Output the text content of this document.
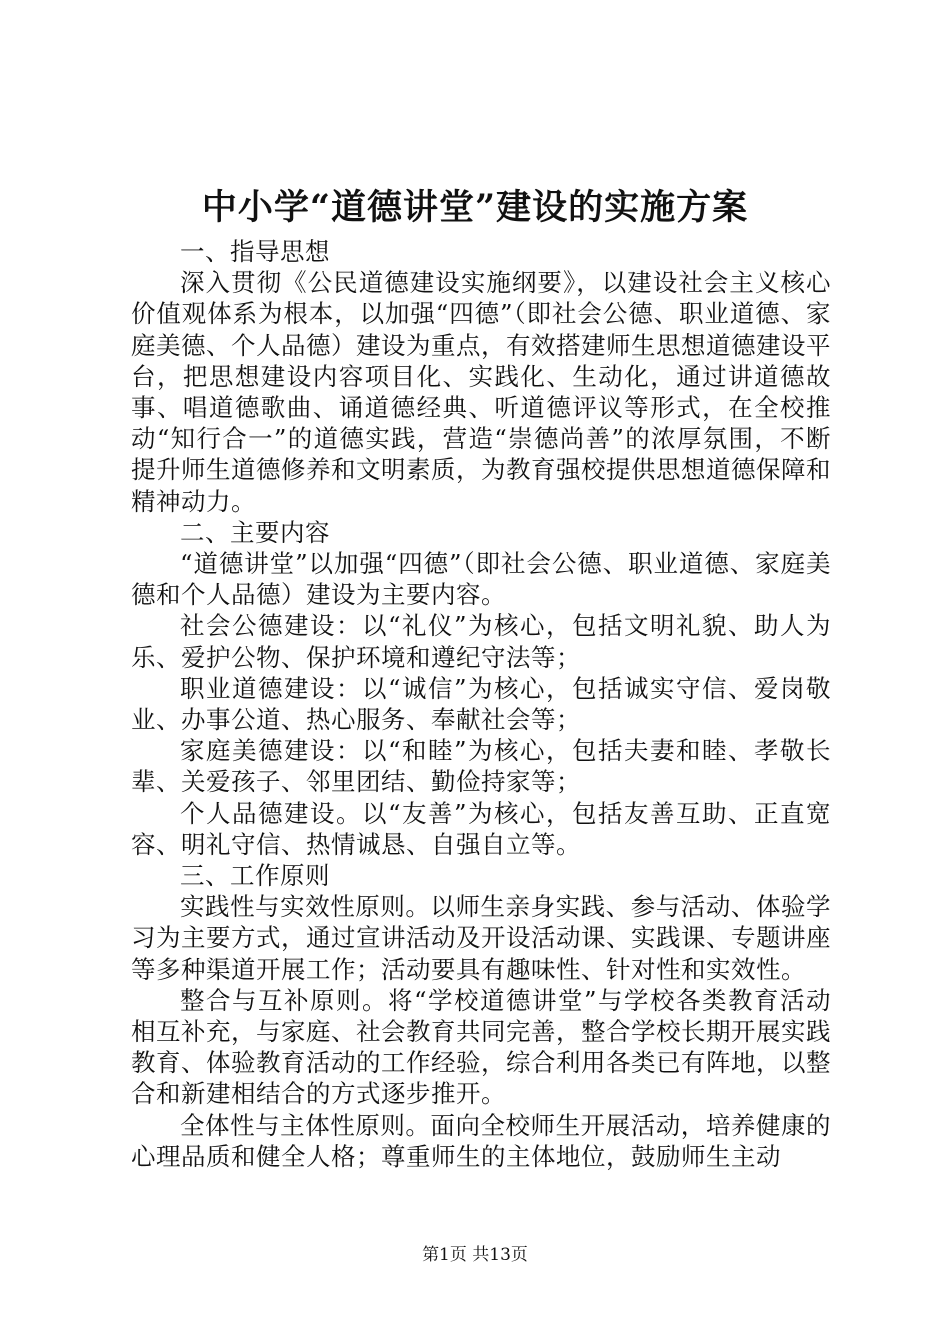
中小学“道德讲堂”建设的实施方案

一、指导思想

深入贯彻《公民道德建设实施纲要》，以建设社会主义核心价值观体系为根本，以加强“四德”（即社会公德、职业道德、家庭美德、个人品德）建设为重点，有效搭建师生思想道德建设平台，把思想建设内容项目化、实践化、生动化，通过讲道德故事、唱道德歌曲、诵道德经典、听道德评议等形式，在全校推动“知行合一”的道德实践，营造“崇德尚善”的浓厚氛围，不断提升师生道德修养和文明素质，为教育强校提供思想道德保障和精神动力。

二、主要内容

“道德讲堂”以加强“四德”（即社会公德、职业道德、家庭美德和个人品德）建设为主要内容。

社会公德建设：以“礼仪”为核心，包括文明礼貌、助人为乐、爱护公物、保护环境和遵纪守法等；

职业道德建设：以“诚信”为核心，包括诚实守信、爱岗敬业、办事公道、热心服务、奉献社会等；

家庭美德建设：以“和睦”为核心，包括夫妻和睦、孝敬长辈、关爱孩子、邻里团结、勤俭持家等；

个人品德建设。以“友善”为核心，包括友善互助、正直宽容、明礼守信、热情诚恳、自强自立等。

三、工作原则

实践性与实效性原则。以师生亲身实践、参与活动、体验学习为主要方式，通过宣讲活动及开设活动课、实践课、专题讲座等多种渠道开展工作；活动要具有趣味性、针对性和实效性。

整合与互补原则。将“学校道德讲堂”与学校各类教育活动相互补充，与家庭、社会教育共同完善，整合学校长期开展实践教育、体验教育活动的工作经验，综合利用各类已有阵地，以整合和新建相结合的方式逐步推开。

全体性与主体性原则。面向全校师生开展活动，培养健康的心理品质和健全人格；尊重师生的主体地位，鼓励师生主动

第1页 共13页
